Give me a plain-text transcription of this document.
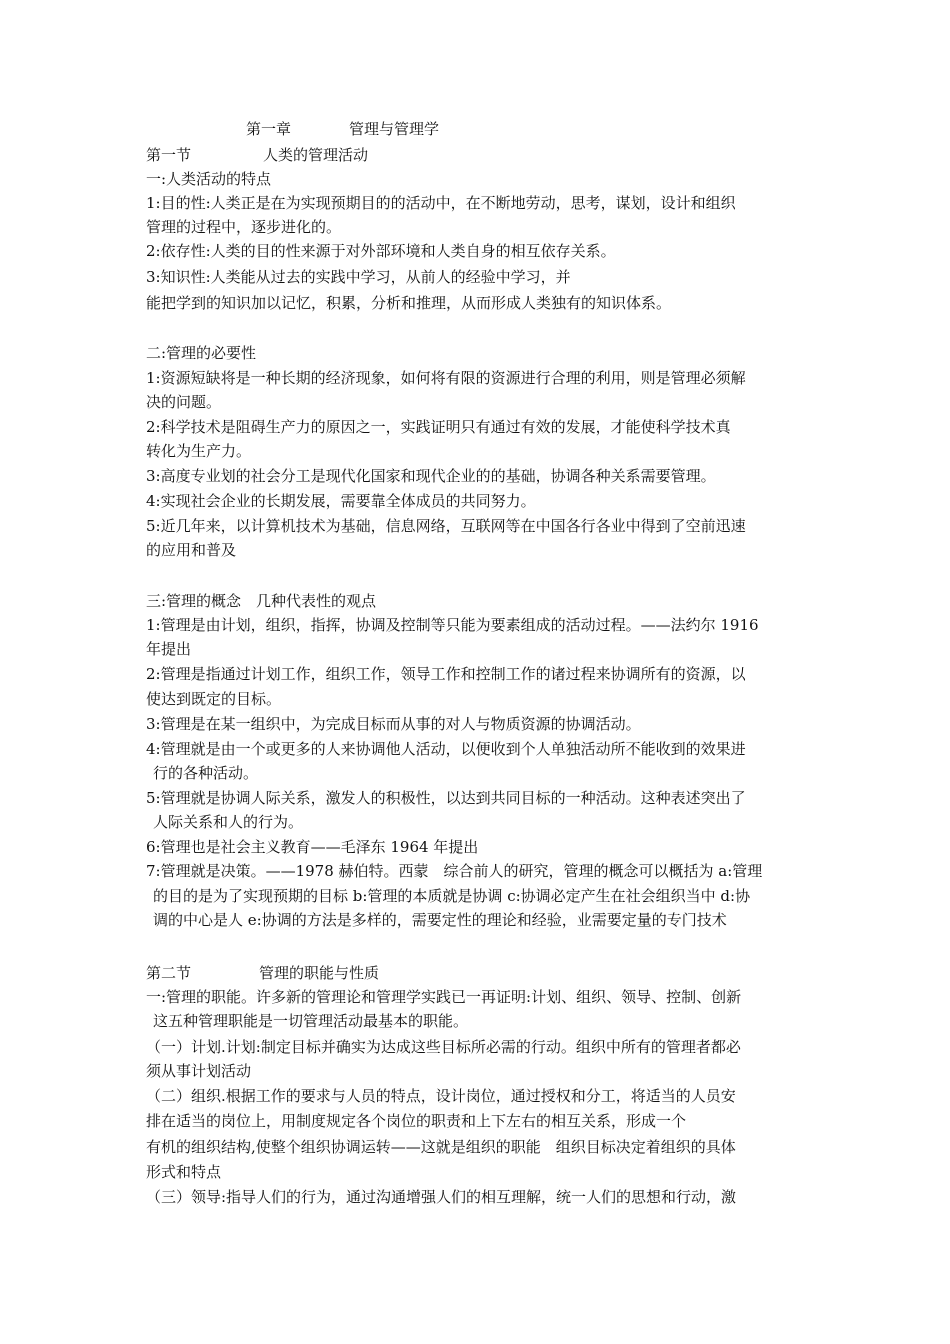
第一章	管理与管理学
第一节	人类的管理活动
一:人类活动的特点
1:目的性:人类正是在为实现预期目的的活动中，在不断地劳动，思考，谋划，设计和组织
管理的过程中，逐步进化的。
2:依存性:人类的目的性来源于对外部环境和人类自身的相互依存关系。
3:知识性:人类能从过去的实践中学习，从前人的经验中学习，并
能把学到的知识加以记忆，积累，分析和推理，从而形成人类独有的知识体系。
二:管理的必要性
1:资源短缺将是一种长期的经济现象，如何将有限的资源进行合理的利用，则是管理必须解
决的问题。
2:科学技术是阻碍生产力的原因之一，实践证明只有通过有效的发展，才能使科学技术真
转化为生产力。
3:高度专业划的社会分工是现代化国家和现代企业的的基础，协调各种关系需要管理。
4:实现社会企业的长期发展，需要靠全体成员的共同努力。
5:近几年来，以计算机技术为基础，信息网络，互联网等在中国各行各业中得到了空前迅速
的应用和普及
三:管理的概念　几种代表性的观点
1:管理是由计划，组织，指挥，协调及控制等只能为要素组成的活动过程。——法约尔 1916
年提出
2:管理是指通过计划工作，组织工作，领导工作和控制工作的诸过程来协调所有的资源，以
使达到既定的目标。
3:管理是在某一组织中，为完成目标而从事的对人与物质资源的协调活动。
4:管理就是由一个或更多的人来协调他人活动，以便收到个人单独活动所不能收到的效果进
行的各种活动。
5:管理就是协调人际关系，激发人的积极性，以达到共同目标的一种活动。这种表述突出了
人际关系和人的行为。
6:管理也是社会主义教育——毛泽东 1964 年提出
7:管理就是决策。——1978 赫伯特。西蒙　综合前人的研究，管理的概念可以概括为 a:管理
的目的是为了实现预期的目标 b:管理的本质就是协调 c:协调必定产生在社会组织当中 d:协
调的中心是人 e:协调的方法是多样的，需要定性的理论和经验，业需要定量的专门技术
第二节	管理的职能与性质
一:管理的职能。许多新的管理论和管理学实践已一再证明:计划、组织、领导、控制、创新
这五种管理职能是一切管理活动最基本的职能。
（一）计划.计划:制定目标并确实为达成这些目标所必需的行动。组织中所有的管理者都必
须从事计划活动
（二）组织.根据工作的要求与人员的特点，设计岗位，通过授权和分工，将适当的人员安
排在适当的岗位上，用制度规定各个岗位的职责和上下左右的相互关系，形成一个
有机的组织结构,使整个组织协调运转——这就是组织的职能　组织目标决定着组织的具体
形式和特点
（三）领导:指导人们的行为，通过沟通增强人们的相互理解，统一人们的思想和行动，激
